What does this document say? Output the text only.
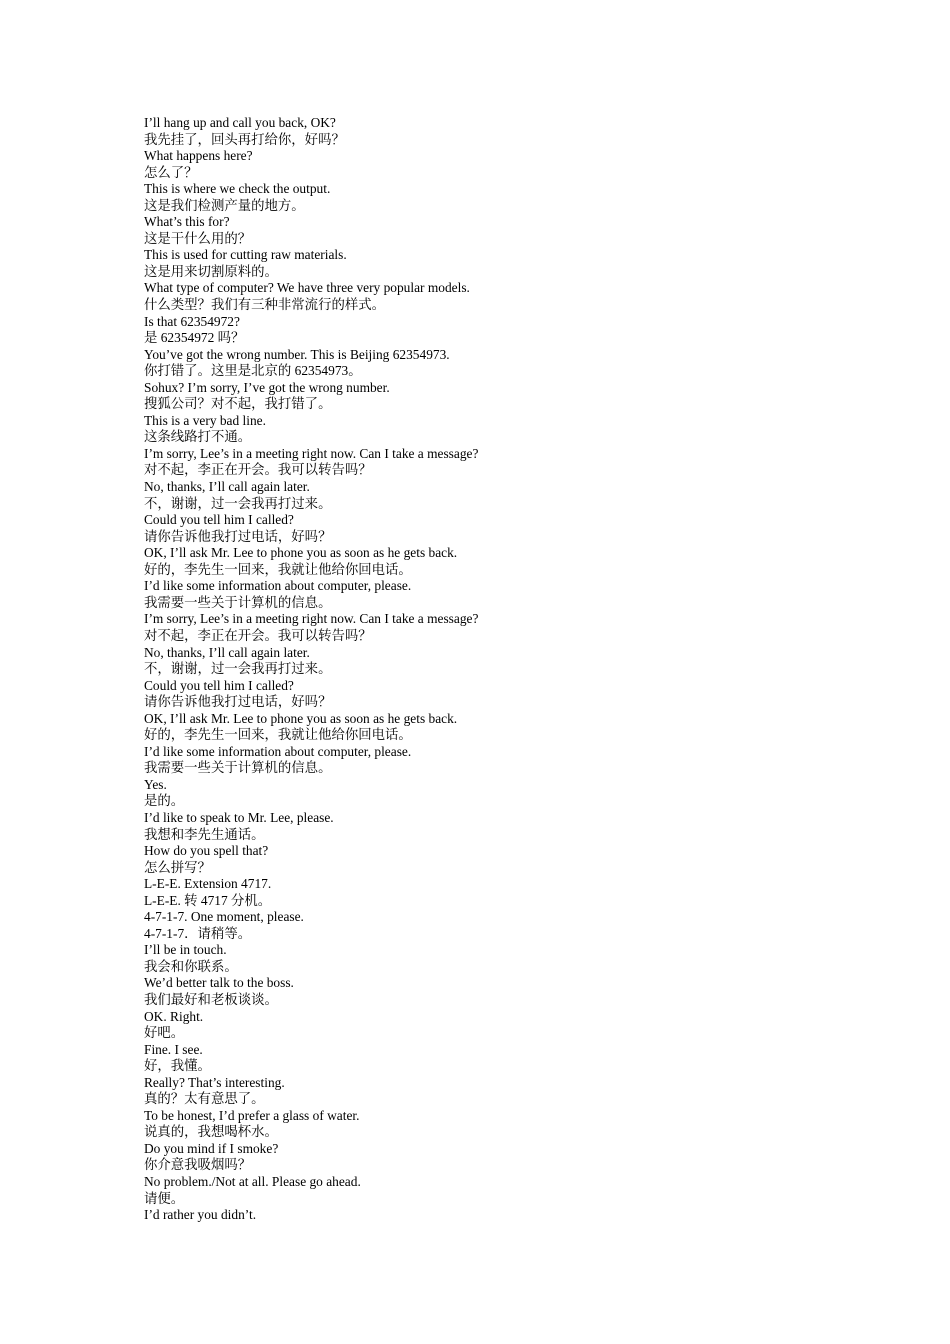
I’ll hang up and call you back, OK?
我先挂了，回头再打给你，好吗？
What happens here?
怎么了？
This is where we check the output.
这是我们检测产量的地方。
What’s this for?
这是干什么用的？
This is used for cutting raw materials.
这是用来切割原料的。
What type of computer? We have three very popular models.
什么类型？我们有三种非常流行的样式。
Is that 62354972?
是 62354972 吗？
You’ve got the wrong number. This is Beijing 62354973.
你打错了。这里是北京的 62354973。
Sohux? I’m sorry, I’ve got the wrong number.
搜狐公司？对不起，我打错了。
This is a very bad line.
这条线路打不通。
I’m sorry, Lee’s in a meeting right now. Can I take a message?
对不起，李正在开会。我可以转告吗？
No, thanks, I’ll call again later.
不，谢谢，过一会我再打过来。
Could you tell him I called?
请你告诉他我打过电话，好吗？
OK, I’ll ask Mr. Lee to phone you as soon as he gets back.
好的，李先生一回来，我就让他给你回电话。
I’d like some information about computer, please.
我需要一些关于计算机的信息。
I’m sorry, Lee’s in a meeting right now. Can I take a message?
对不起，李正在开会。我可以转告吗？
No, thanks, I’ll call again later.
不，谢谢，过一会我再打过来。
Could you tell him I called?
请你告诉他我打过电话，好吗？
OK, I’ll ask Mr. Lee to phone you as soon as he gets back.
好的，李先生一回来，我就让他给你回电话。
I’d like some information about computer, please.
我需要一些关于计算机的信息。
Yes.
是的。
I’d like to speak to Mr. Lee, please.
我想和李先生通话。
How do you spell that?
怎么拼写？
L-E-E. Extension 4717.
L-E-E. 转 4717 分机。
4-7-1-7. One moment, please.
4-7-1-7．请稍等。
I’ll be in touch.
我会和你联系。
We’d better talk to the boss.
我们最好和老板谈谈。
OK. Right.
好吧。
Fine. I see.
好，我懂。
Really? That’s interesting.
真的？太有意思了。
To be honest, I’d prefer a glass of water.
说真的，我想喝杯水。
Do you mind if I smoke?
你介意我吸烟吗？
No problem./Not at all. Please go ahead.
请便。
I’d rather you didn’t.
